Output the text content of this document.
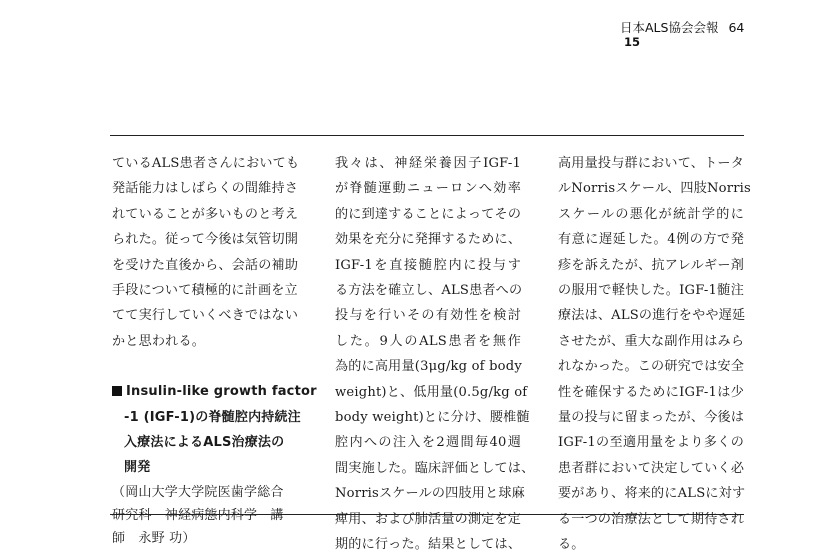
日本ALS協会会報 64
15
ているALS患者さんにおいても
発話能力はしばらくの間維持さ
れていることが多いものと考え
られた。従って今後は気管切開
を受けた直後から、会話の補助
手段について積極的に計画を立
てて実行していくべきではない
かと思われる。
Insulin-like growth factor
-1 (IGF-1)の脊髄腔内持続注
入療法によるALS治療法の
開発
（岡山大学大学院医歯学総合
研究科　神経病態内科学　講
師　永野 功）
我々は、神経栄養因子IGF-1
が脊髄運動ニューロンへ効率
的に到達することによってその
効果を充分に発揮するために、
IGF-1を直接髄腔内に投与す
る方法を確立し、ALS患者への
投与を行いその有効性を検討
した。9人のALS患者を無作
為的に高用量(3μg/kg of body
weight)と、低用量(0.5g/kg of
body weight)とに分け、腰椎髄
腔内への注入を2週間毎40週
間実施した。臨床評価としては、
Norrisスケールの四肢用と球麻
痺用、および肺活量の測定を定
期的に行った。結果としては、
高用量投与群において、トータ
ルNorrisスケール、四肢Norris
スケールの悪化が統計学的に
有意に遅延した。4例の方で発
疹を訴えたが、抗アレルギー剤
の服用で軽快した。IGF-1髄注
療法は、ALSの進行をやや遅延
させたが、重大な副作用はみら
れなかった。この研究では安全
性を確保するためにIGF-1は少
量の投与に留まったが、今後は
IGF-1の至適用量をより多くの
患者群において決定していく必
要があり、将来的にALSに対す
る一つの治療法として期待され
る。
